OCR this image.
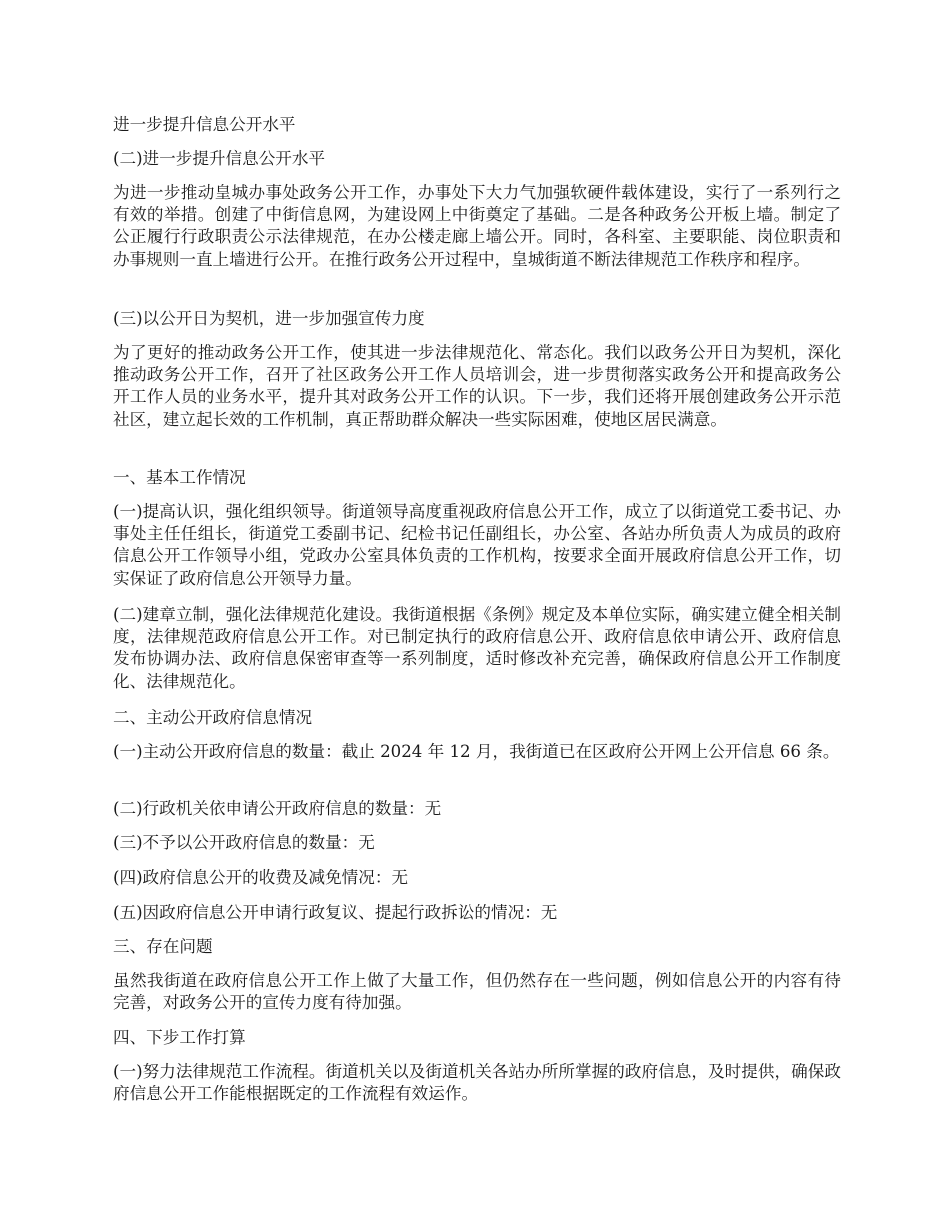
进一步提升信息公开水平

(二)进一步提升信息公开水平

为进一步推动皇城办事处政务公开工作，办事处下大力气加强软硬件载体建设，实行了一系列行之有效的举措。创建了中街信息网，为建设网上中街奠定了基础。二是各种政务公开板上墙。制定了公正履行行政职责公示法律规范，在办公楼走廊上墙公开。同时，各科室、主要职能、岗位职责和办事规则一直上墙进行公开。在推行政务公开过程中，皇城街道不断法律规范工作秩序和程序。

(三)以公开日为契机，进一步加强宣传力度

为了更好的推动政务公开工作，使其进一步法律规范化、常态化。我们以政务公开日为契机，深化推动政务公开工作，召开了社区政务公开工作人员培训会，进一步贯彻落实政务公开和提高政务公开工作人员的业务水平，提升其对政务公开工作的认识。下一步，我们还将开展创建政务公开示范社区，建立起长效的工作机制，真正帮助群众解决一些实际困难，使地区居民满意。

一、基本工作情况

(一)提高认识，强化组织领导。街道领导高度重视政府信息公开工作，成立了以街道党工委书记、办事处主任任组长，街道党工委副书记、纪检书记任副组长，办公室、各站办所负责人为成员的政府信息公开工作领导小组，党政办公室具体负责的工作机构，按要求全面开展政府信息公开工作，切实保证了政府信息公开领导力量。

(二)建章立制，强化法律规范化建设。我街道根据《条例》规定及本单位实际，确实建立健全相关制度，法律规范政府信息公开工作。对已制定执行的政府信息公开、政府信息依申请公开、政府信息发布协调办法、政府信息保密审查等一系列制度，适时修改补充完善，确保政府信息公开工作制度化、法律规范化。

二、主动公开政府信息情况

(一)主动公开政府信息的数量：截止 2024 年 12 月，我街道已在区政府公开网上公开信息 66 条。

(二)行政机关依申请公开政府信息的数量：无

(三)不予以公开政府信息的数量：无

(四)政府信息公开的收费及减免情况：无

(五)因政府信息公开申请行政复议、提起行政拆讼的情况：无

三、存在问题

虽然我街道在政府信息公开工作上做了大量工作，但仍然存在一些问题，例如信息公开的内容有待完善，对政务公开的宣传力度有待加强。

四、下步工作打算

(一)努力法律规范工作流程。街道机关以及街道机关各站办所所掌握的政府信息，及时提供，确保政府信息公开工作能根据既定的工作流程有效运作。
